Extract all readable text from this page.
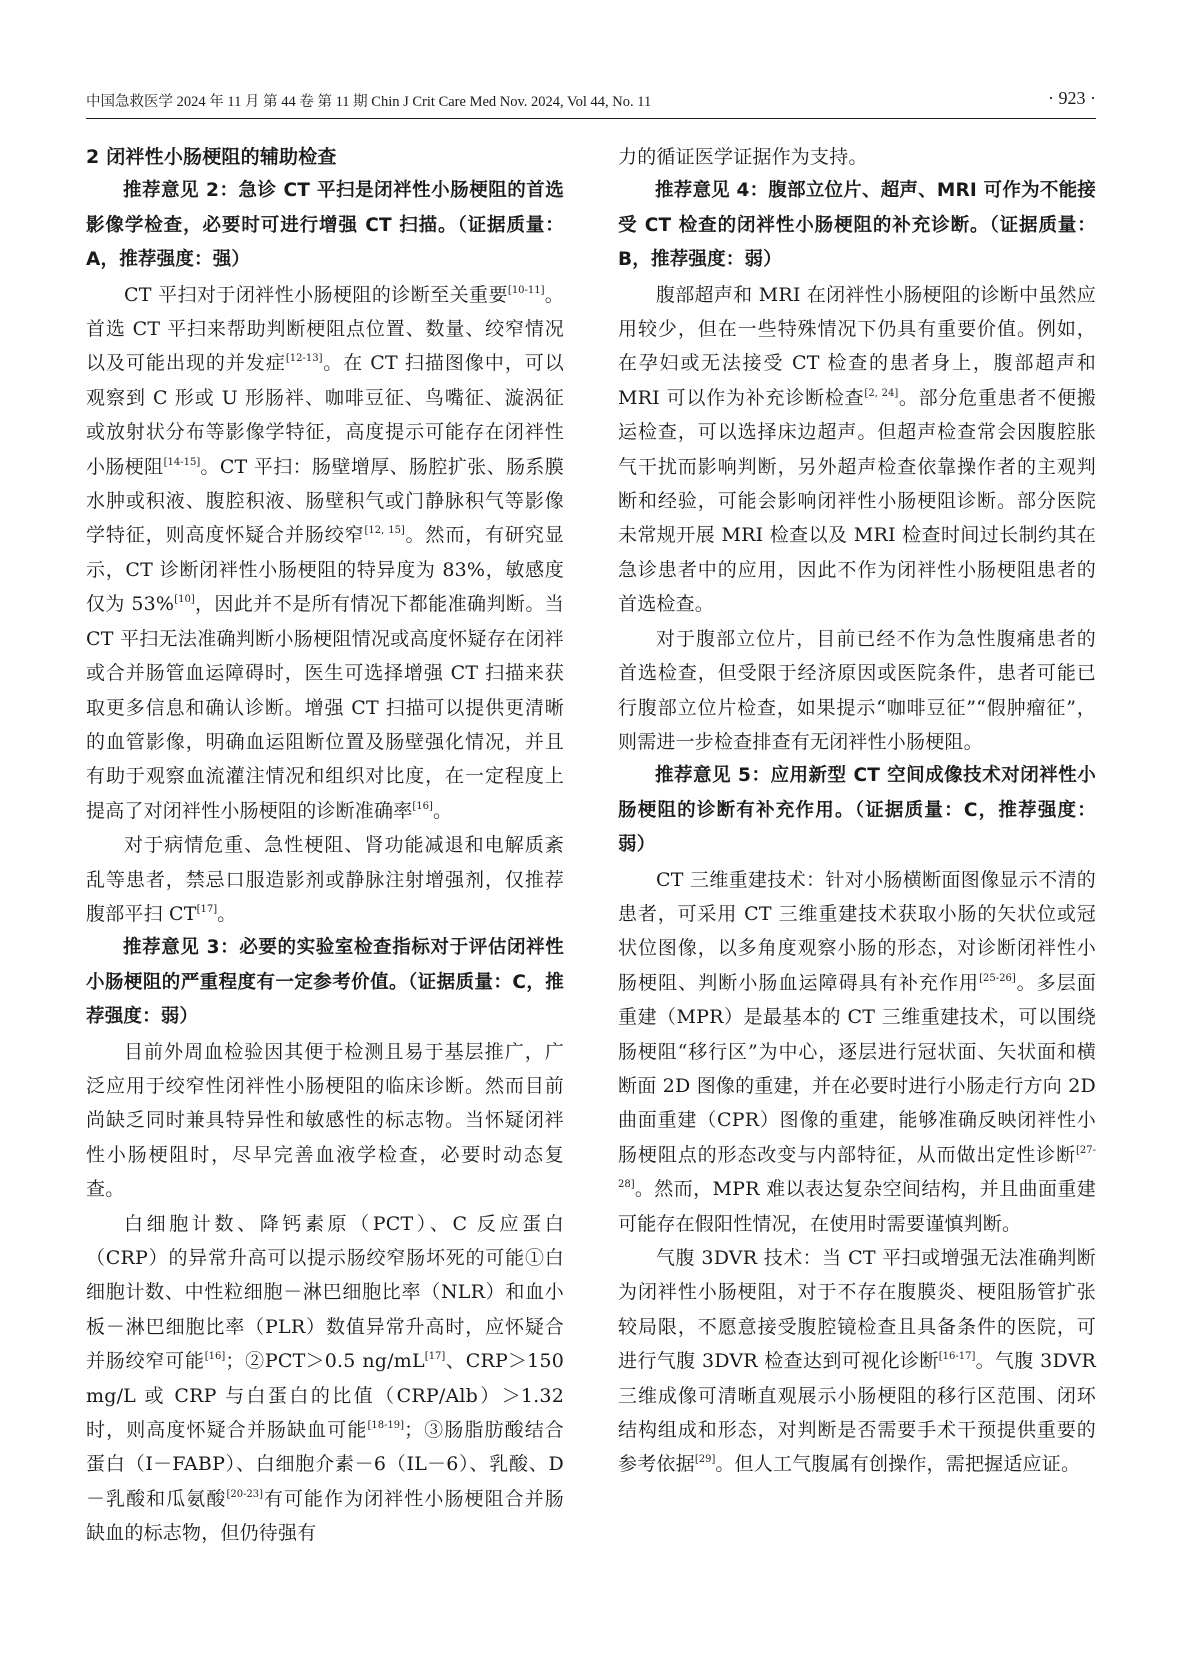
中国急救医学 2024 年 11 月 第 44 卷 第 11 期 Chin J Crit Care Med Nov. 2024, Vol 44, No. 11	· 923 ·

2 闭袢性小肠梗阻的辅助检查

推荐意见 2：急诊 CT 平扫是闭袢性小肠梗阻的首选影像学检查，必要时可进行增强 CT 扫描。（证据质量：A，推荐强度：强）

CT 平扫对于闭袢性小肠梗阻的诊断至关重要[10-11]。首选 CT 平扫来帮助判断梗阻点位置、数量、绞窄情况以及可能出现的并发症[12-13]。在 CT 扫描图像中，可以观察到 C 形或 U 形肠袢、咖啡豆征、鸟嘴征、漩涡征或放射状分布等影像学特征，高度提示可能存在闭袢性小肠梗阻[14-15]。CT 平扫：肠壁增厚、肠腔扩张、肠系膜水肿或积液、腹腔积液、肠壁积气或门静脉积气等影像学特征，则高度怀疑合并肠绞窄[12, 15]。然而，有研究显示，CT 诊断闭袢性小肠梗阻的特异度为 83%，敏感度仅为 53%[10]，因此并不是所有情况下都能准确判断。当 CT 平扫无法准确判断小肠梗阻情况或高度怀疑存在闭袢或合并肠管血运障碍时，医生可选择增强 CT 扫描来获取更多信息和确认诊断。增强 CT 扫描可以提供更清晰的血管影像，明确血运阻断位置及肠壁强化情况，并且有助于观察血流灌注情况和组织对比度，在一定程度上提高了对闭袢性小肠梗阻的诊断准确率[16]。

对于病情危重、急性梗阻、肾功能减退和电解质紊乱等患者，禁忌口服造影剂或静脉注射增强剂，仅推荐腹部平扫 CT[17]。

推荐意见 3：必要的实验室检查指标对于评估闭袢性小肠梗阻的严重程度有一定参考价值。（证据质量：C，推荐强度：弱）

目前外周血检验因其便于检测且易于基层推广，广泛应用于绞窄性闭袢性小肠梗阻的临床诊断。然而目前尚缺乏同时兼具特异性和敏感性的标志物。当怀疑闭袢性小肠梗阻时，尽早完善血液学检查，必要时动态复查。

白细胞计数、降钙素原（PCT）、C 反应蛋白（CRP）的异常升高可以提示肠绞窄肠坏死的可能①白细胞计数、中性粒细胞－淋巴细胞比率（NLR）和血小板－淋巴细胞比率（PLR）数值异常升高时，应怀疑合并肠绞窄可能[16]；②PCT＞0.5 ng/mL[17]、CRP＞150 mg/L 或 CRP 与白蛋白的比值（CRP/Alb）＞1.32 时，则高度怀疑合并肠缺血可能[18-19]；③肠脂肪酸结合蛋白（I－FABP）、白细胞介素－6（IL－6）、乳酸、D－乳酸和瓜氨酸[20-23]有可能作为闭袢性小肠梗阻合并肠缺血的标志物，但仍待强有

力的循证医学证据作为支持。

推荐意见 4：腹部立位片、超声、MRI 可作为不能接受 CT 检查的闭袢性小肠梗阻的补充诊断。（证据质量：B，推荐强度：弱）

腹部超声和 MRI 在闭袢性小肠梗阻的诊断中虽然应用较少，但在一些特殊情况下仍具有重要价值。例如，在孕妇或无法接受 CT 检查的患者身上，腹部超声和 MRI 可以作为补充诊断检查[2, 24]。部分危重患者不便搬运检查，可以选择床边超声。但超声检查常会因腹腔胀气干扰而影响判断，另外超声检查依靠操作者的主观判断和经验，可能会影响闭袢性小肠梗阻诊断。部分医院未常规开展 MRI 检查以及 MRI 检查时间过长制约其在急诊患者中的应用，因此不作为闭袢性小肠梗阻患者的首选检查。

对于腹部立位片，目前已经不作为急性腹痛患者的首选检查，但受限于经济原因或医院条件，患者可能已行腹部立位片检查，如果提示“咖啡豆征”“假肿瘤征”，则需进一步检查排查有无闭袢性小肠梗阻。

推荐意见 5：应用新型 CT 空间成像技术对闭袢性小肠梗阻的诊断有补充作用。（证据质量：C，推荐强度：弱）

CT 三维重建技术：针对小肠横断面图像显示不清的患者，可采用 CT 三维重建技术获取小肠的矢状位或冠状位图像，以多角度观察小肠的形态，对诊断闭袢性小肠梗阻、判断小肠血运障碍具有补充作用[25-26]。多层面重建（MPR）是最基本的 CT 三维重建技术，可以围绕肠梗阻“移行区”为中心，逐层进行冠状面、矢状面和横断面 2D 图像的重建，并在必要时进行小肠走行方向 2D 曲面重建（CPR）图像的重建，能够准确反映闭袢性小肠梗阻点的形态改变与内部特征，从而做出定性诊断[27-28]。然而，MPR 难以表达复杂空间结构，并且曲面重建可能存在假阳性情况，在使用时需要谨慎判断。

气腹 3DVR 技术：当 CT 平扫或增强无法准确判断为闭袢性小肠梗阻，对于不存在腹膜炎、梗阻肠管扩张较局限，不愿意接受腹腔镜检查且具备条件的医院，可进行气腹 3DVR 检查达到可视化诊断[16-17]。气腹 3DVR 三维成像可清晰直观展示小肠梗阻的移行区范围、闭环结构组成和形态，对判断是否需要手术干预提供重要的参考依据[29]。但人工气腹属有创操作，需把握适应证。
